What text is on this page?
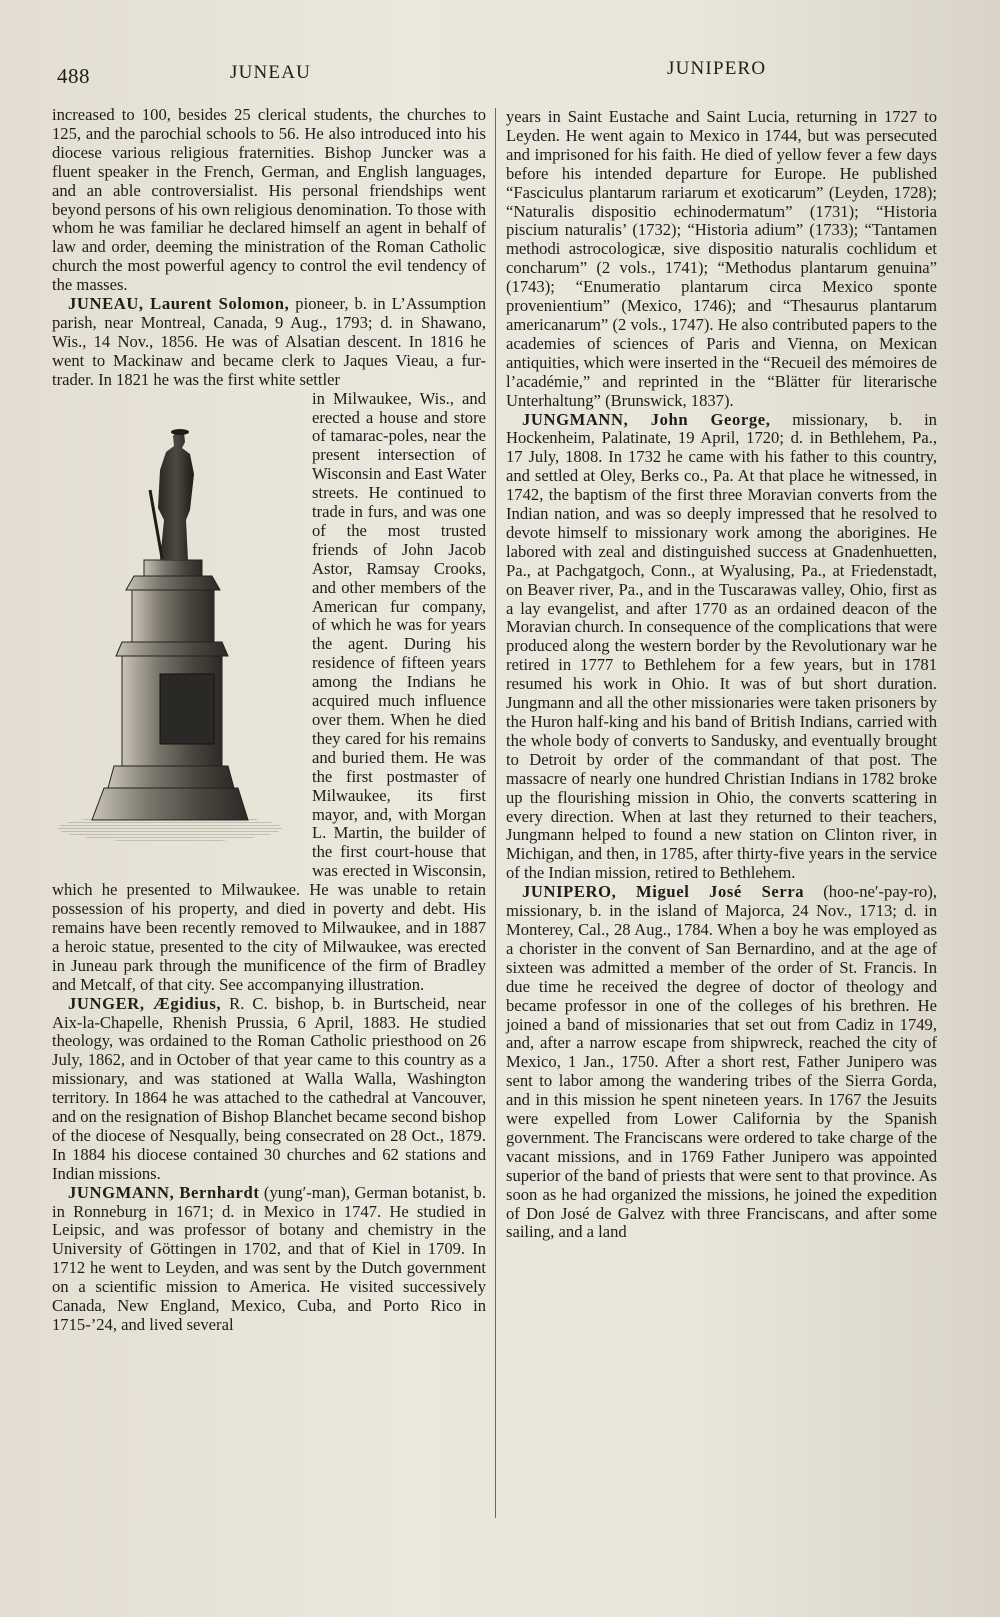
488	JUNEAU	JUNIPERO

increased to 100, besides 25 clerical students, the churches to 125, and the parochial schools to 56. He also introduced into his diocese various religious fraternities. Bishop Juncker was a fluent speaker in the French, German, and English languages, and an able controversialist. His personal friendships went beyond persons of his own religious denomination. To those with whom he was familiar he declared himself an agent in behalf of law and order, deeming the ministration of the Roman Catholic church the most powerful agency to control the evil tendency of the masses.

JUNEAU, Laurent Solomon, pioneer, b. in L’Assumption parish, near Montreal, Canada, 9 Aug., 1793; d. in Shawano, Wis., 14 Nov., 1856. He was of Alsatian descent. In 1816 he went to Mackinaw and became clerk to Jaques Vieau, a fur-trader. In 1821 he was the first white settler

in Milwaukee, Wis., and erected a house and store of tamarac-poles, near the present intersection of Wisconsin and East Water streets. He continued to trade in furs, and was one of the most trusted friends of John Jacob Astor, Ramsay Crooks, and other members of the American fur company, of which he was for years the agent. During his residence of fifteen years among the Indians he acquired much influence over them. When he died they cared for his remains and buried them. He was the first postmaster of Milwaukee, its first mayor, and, with Morgan L. Martin, the builder of the first court-house that was erected in Wisconsin, which he presented to Milwaukee. He was unable to retain possession of his property, and died in poverty and debt. His remains have been recently removed to Milwaukee, and in 1887 a heroic statue, presented to the city of Milwaukee, was erected in Juneau park through the munificence of the firm of Bradley and Metcalf, of that city. See accompanying illustration.

JUNGER, Ægidius, R. C. bishop, b. in Burtscheid, near Aix-la-Chapelle, Rhenish Prussia, 6 April, 1883. He studied theology, was ordained to the Roman Catholic priesthood on 26 July, 1862, and in October of that year came to this country as a missionary, and was stationed at Walla Walla, Washington territory. In 1864 he was attached to the cathedral at Vancouver, and on the resignation of Bishop Blanchet became second bishop of the diocese of Nesqually, being consecrated on 28 Oct., 1879. In 1884 his diocese contained 30 churches and 62 stations and Indian missions.

JUNGMANN, Bernhardt (yung′-man), German botanist, b. in Ronneburg in 1671; d. in Mexico in 1747. He studied in Leipsic, and was professor of botany and chemistry in the University of Göttingen in 1702, and that of Kiel in 1709. In 1712 he went to Leyden, and was sent by the Dutch government on a scientific mission to America. He visited successively Canada, New England, Mexico, Cuba, and Porto Rico in 1715-’24, and lived several

years in Saint Eustache and Saint Lucia, returning in 1727 to Leyden. He went again to Mexico in 1744, but was persecuted and imprisoned for his faith. He died of yellow fever a few days before his intended departure for Europe. He published “Fasciculus plantarum rariarum et exoticarum” (Leyden, 1728); “Naturalis dispositio echinodermatum” (1731); “Historia piscium naturalis’ (1732); “Historia adium” (1733); “Tantamen methodi astrocologicæ, sive dispositio naturalis cochlidum et concharum” (2 vols., 1741); “Methodus plantarum genuina” (1743); “Enumeratio plantarum circa Mexico sponte provenientium” (Mexico, 1746); and “Thesaurus plantarum americanarum” (2 vols., 1747). He also contributed papers to the academies of sciences of Paris and Vienna, on Mexican antiquities, which were inserted in the “Recueil des mémoires de l’académie,” and reprinted in the “Blätter für literarische Unterhaltung” (Brunswick, 1837).

JUNGMANN, John George, missionary, b. in Hockenheim, Palatinate, 19 April, 1720; d. in Bethlehem, Pa., 17 July, 1808. In 1732 he came with his father to this country, and settled at Oley, Berks co., Pa. At that place he witnessed, in 1742, the baptism of the first three Moravian converts from the Indian nation, and was so deeply impressed that he resolved to devote himself to missionary work among the aborigines. He labored with zeal and distinguished success at Gnadenhuetten, Pa., at Pachgatgoch, Conn., at Wyalusing, Pa., at Friedenstadt, on Beaver river, Pa., and in the Tuscarawas valley, Ohio, first as a lay evangelist, and after 1770 as an ordained deacon of the Moravian church. In consequence of the complications that were produced along the western border by the Revolutionary war he retired in 1777 to Bethlehem for a few years, but in 1781 resumed his work in Ohio. It was of but short duration. Jungmann and all the other missionaries were taken prisoners by the Huron half-king and his band of British Indians, carried with the whole body of converts to Sandusky, and eventually brought to Detroit by order of the commandant of that post. The massacre of nearly one hundred Christian Indians in 1782 broke up the flourishing mission in Ohio, the converts scattering in every direction. When at last they returned to their teachers, Jungmann helped to found a new station on Clinton river, in Michigan, and then, in 1785, after thirty-five years in the service of the Indian mission, retired to Bethlehem.

JUNIPERO, Miguel José Serra (hoo-ne′-pay-ro), missionary, b. in the island of Majorca, 24 Nov., 1713; d. in Monterey, Cal., 28 Aug., 1784. When a boy he was employed as a chorister in the convent of San Bernardino, and at the age of sixteen was admitted a member of the order of St. Francis. In due time he received the degree of doctor of theology and became professor in one of the colleges of his brethren. He joined a band of missionaries that set out from Cadiz in 1749, and, after a narrow escape from shipwreck, reached the city of Mexico, 1 Jan., 1750. After a short rest, Father Junipero was sent to labor among the wandering tribes of the Sierra Gorda, and in this mission he spent nineteen years. In 1767 the Jesuits were expelled from Lower California by the Spanish government. The Franciscans were ordered to take charge of the vacant missions, and in 1769 Father Junipero was appointed superior of the band of priests that were sent to that province. As soon as he had organized the missions, he joined the expedition of Don José de Galvez with three Franciscans, and after some sailing, and a land
